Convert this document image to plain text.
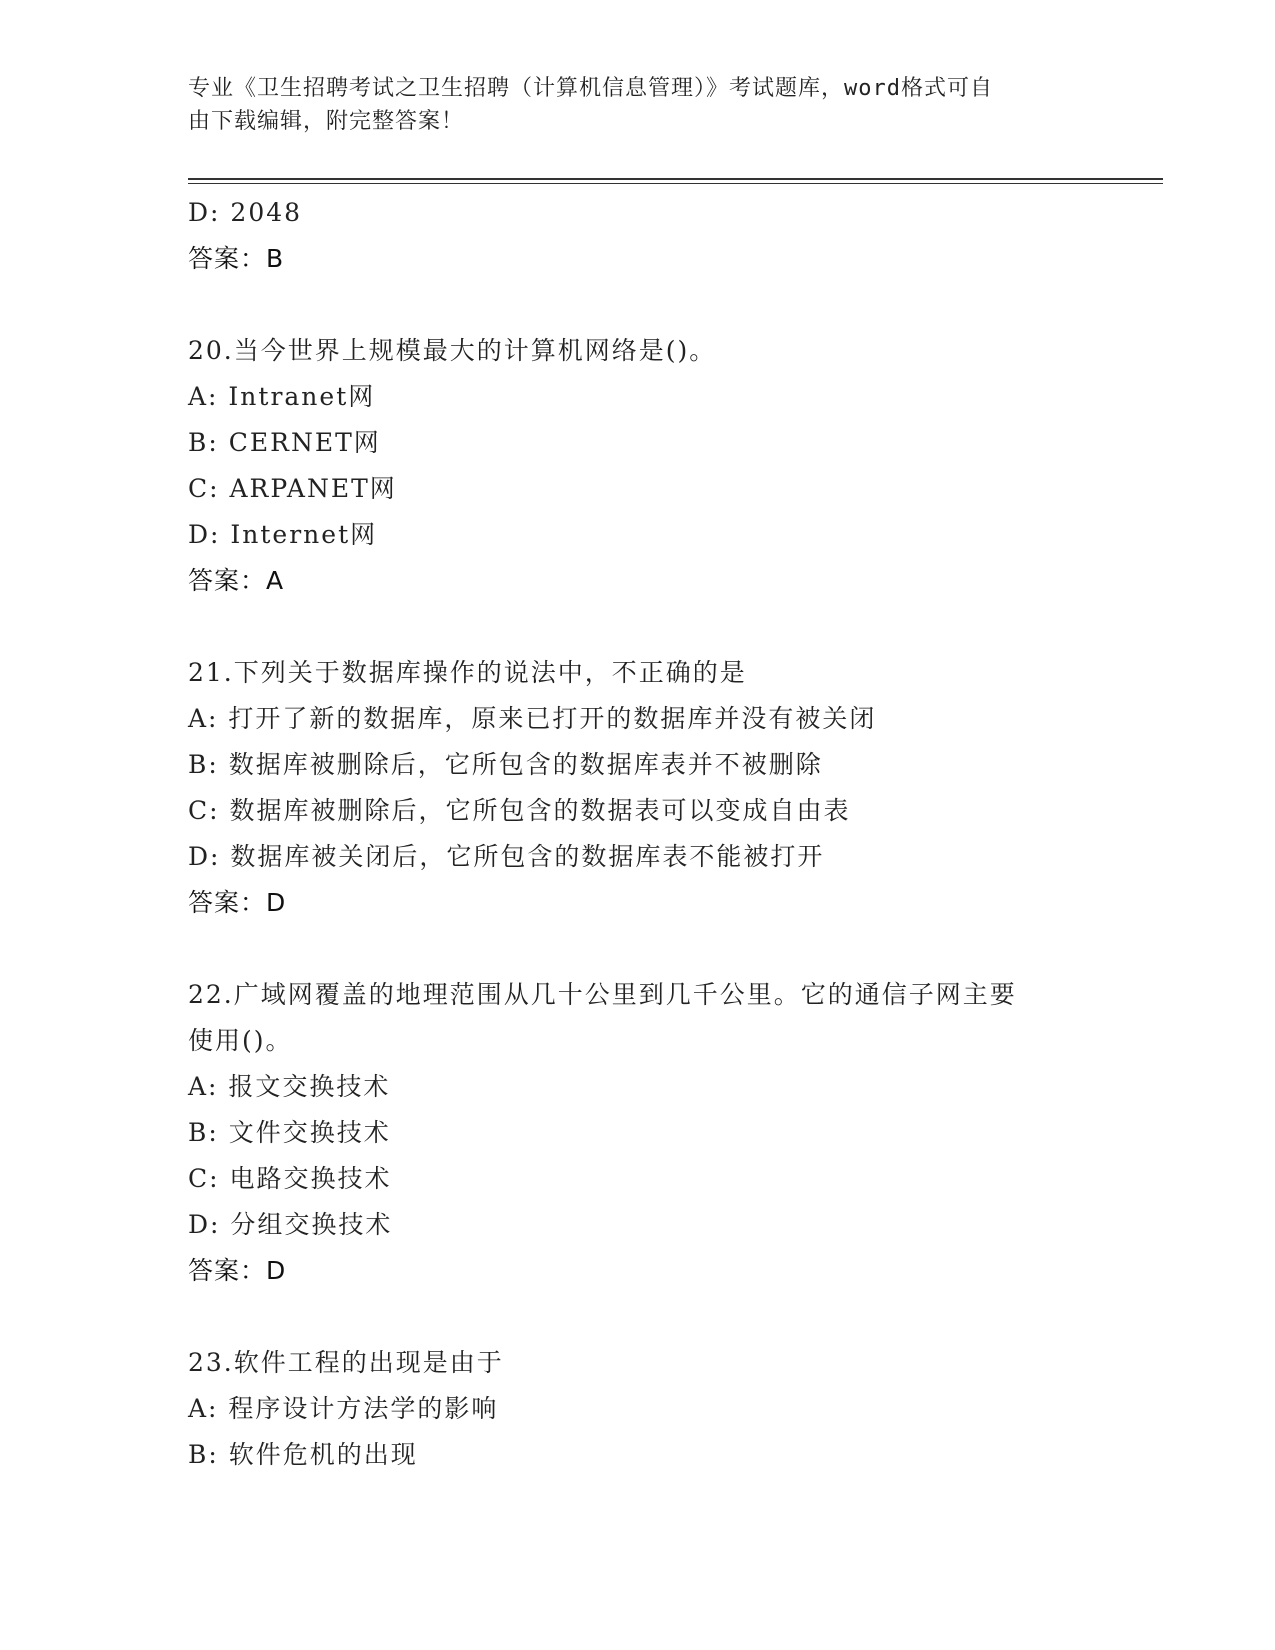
专业《卫生招聘考试之卫生招聘（计算机信息管理）》考试题库，word格式可自
由下载编辑，附完整答案！
D: 2048
答案：B
20.当今世界上规模最大的计算机网络是()。
A: Intranet网
B: CERNET网
C: ARPANET网
D: Internet网
答案：A
21.下列关于数据库操作的说法中，不正确的是
A: 打开了新的数据库，原来已打开的数据库并没有被关闭
B: 数据库被删除后，它所包含的数据库表并不被删除
C: 数据库被删除后，它所包含的数据表可以变成自由表
D: 数据库被关闭后，它所包含的数据库表不能被打开
答案：D
22.广域网覆盖的地理范围从几十公里到几千公里。它的通信子网主要
使用()。
A: 报文交换技术
B: 文件交换技术
C: 电路交换技术
D: 分组交换技术
答案：D
23.软件工程的出现是由于
A: 程序设计方法学的影响
B: 软件危机的出现
